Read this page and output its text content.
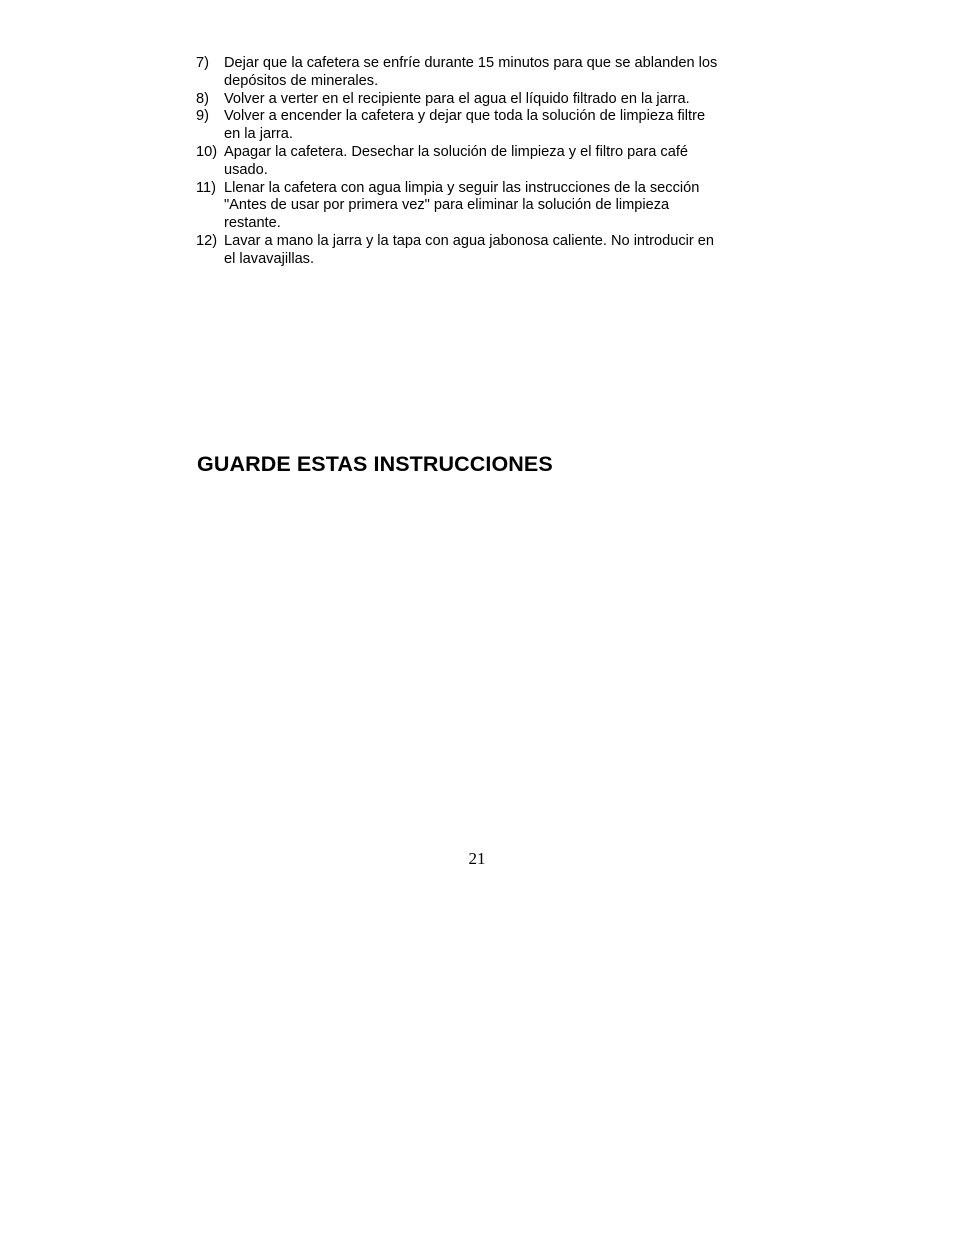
7)	Dejar que la cafetera se enfríe durante 15 minutos para que se ablanden los
depósitos de minerales.
8)	Volver a verter en el recipiente para el agua el líquido filtrado en la jarra.
9)	Volver a encender la cafetera y dejar que toda la solución de limpieza filtre
en la jarra.
10) Apagar la cafetera. Desechar la solución de limpieza y el filtro para café
usado.
11) Llenar la cafetera con agua limpia y seguir las instrucciones de la sección
"Antes de usar por primera vez" para eliminar la solución de limpieza
restante.
12) Lavar a mano la jarra y la tapa con agua jabonosa caliente. No introducir en
el lavavajillas.
GUARDE ESTAS INSTRUCCIONES
21
